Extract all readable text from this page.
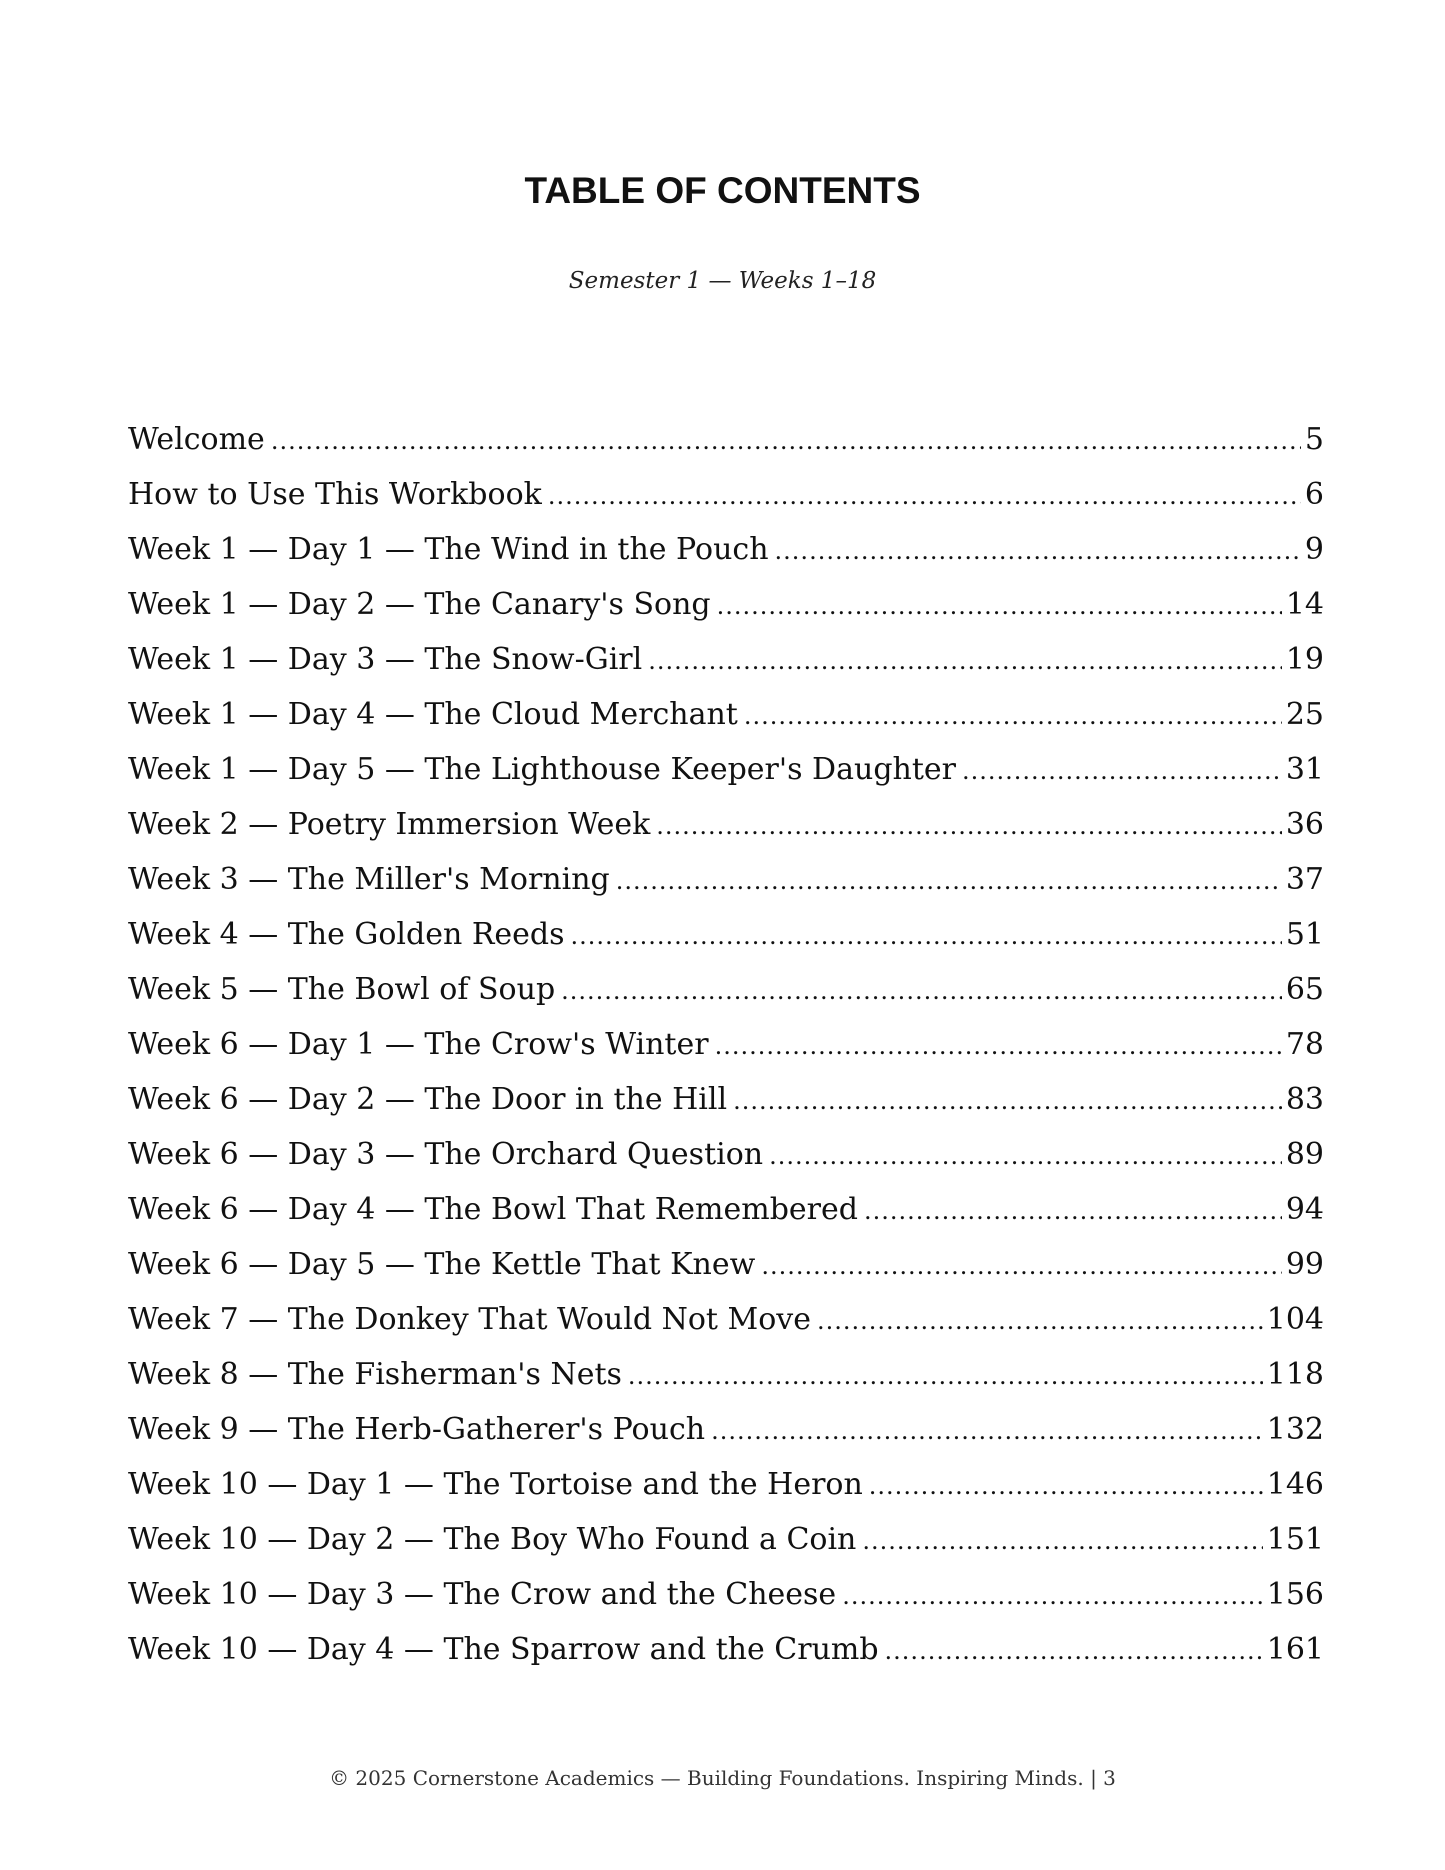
TABLE OF CONTENTS

Semester 1 — Weeks 1–18

Welcome .....	5
How to Use This Workbook .....	6
Week 1 — Day 1 — The Wind in the Pouch .....	9
Week 1 — Day 2 — The Canary's Song .....	14
Week 1 — Day 3 — The Snow-Girl .....	19
Week 1 — Day 4 — The Cloud Merchant .....	25
Week 1 — Day 5 — The Lighthouse Keeper's Daughter .....	31
Week 2 — Poetry Immersion Week .....	36
Week 3 — The Miller's Morning .....	37
Week 4 — The Golden Reeds .....	51
Week 5 — The Bowl of Soup .....	65
Week 6 — Day 1 — The Crow's Winter .....	78
Week 6 — Day 2 — The Door in the Hill .....	83
Week 6 — Day 3 — The Orchard Question .....	89
Week 6 — Day 4 — The Bowl That Remembered .....	94
Week 6 — Day 5 — The Kettle That Knew .....	99
Week 7 — The Donkey That Would Not Move .....	104
Week 8 — The Fisherman's Nets .....	118
Week 9 — The Herb-Gatherer's Pouch .....	132
Week 10 — Day 1 — The Tortoise and the Heron .....	146
Week 10 — Day 2 — The Boy Who Found a Coin .....	151
Week 10 — Day 3 — The Crow and the Cheese .....	156
Week 10 — Day 4 — The Sparrow and the Crumb .....	161

© 2025 Cornerstone Academics — Building Foundations. Inspiring Minds. | 3
